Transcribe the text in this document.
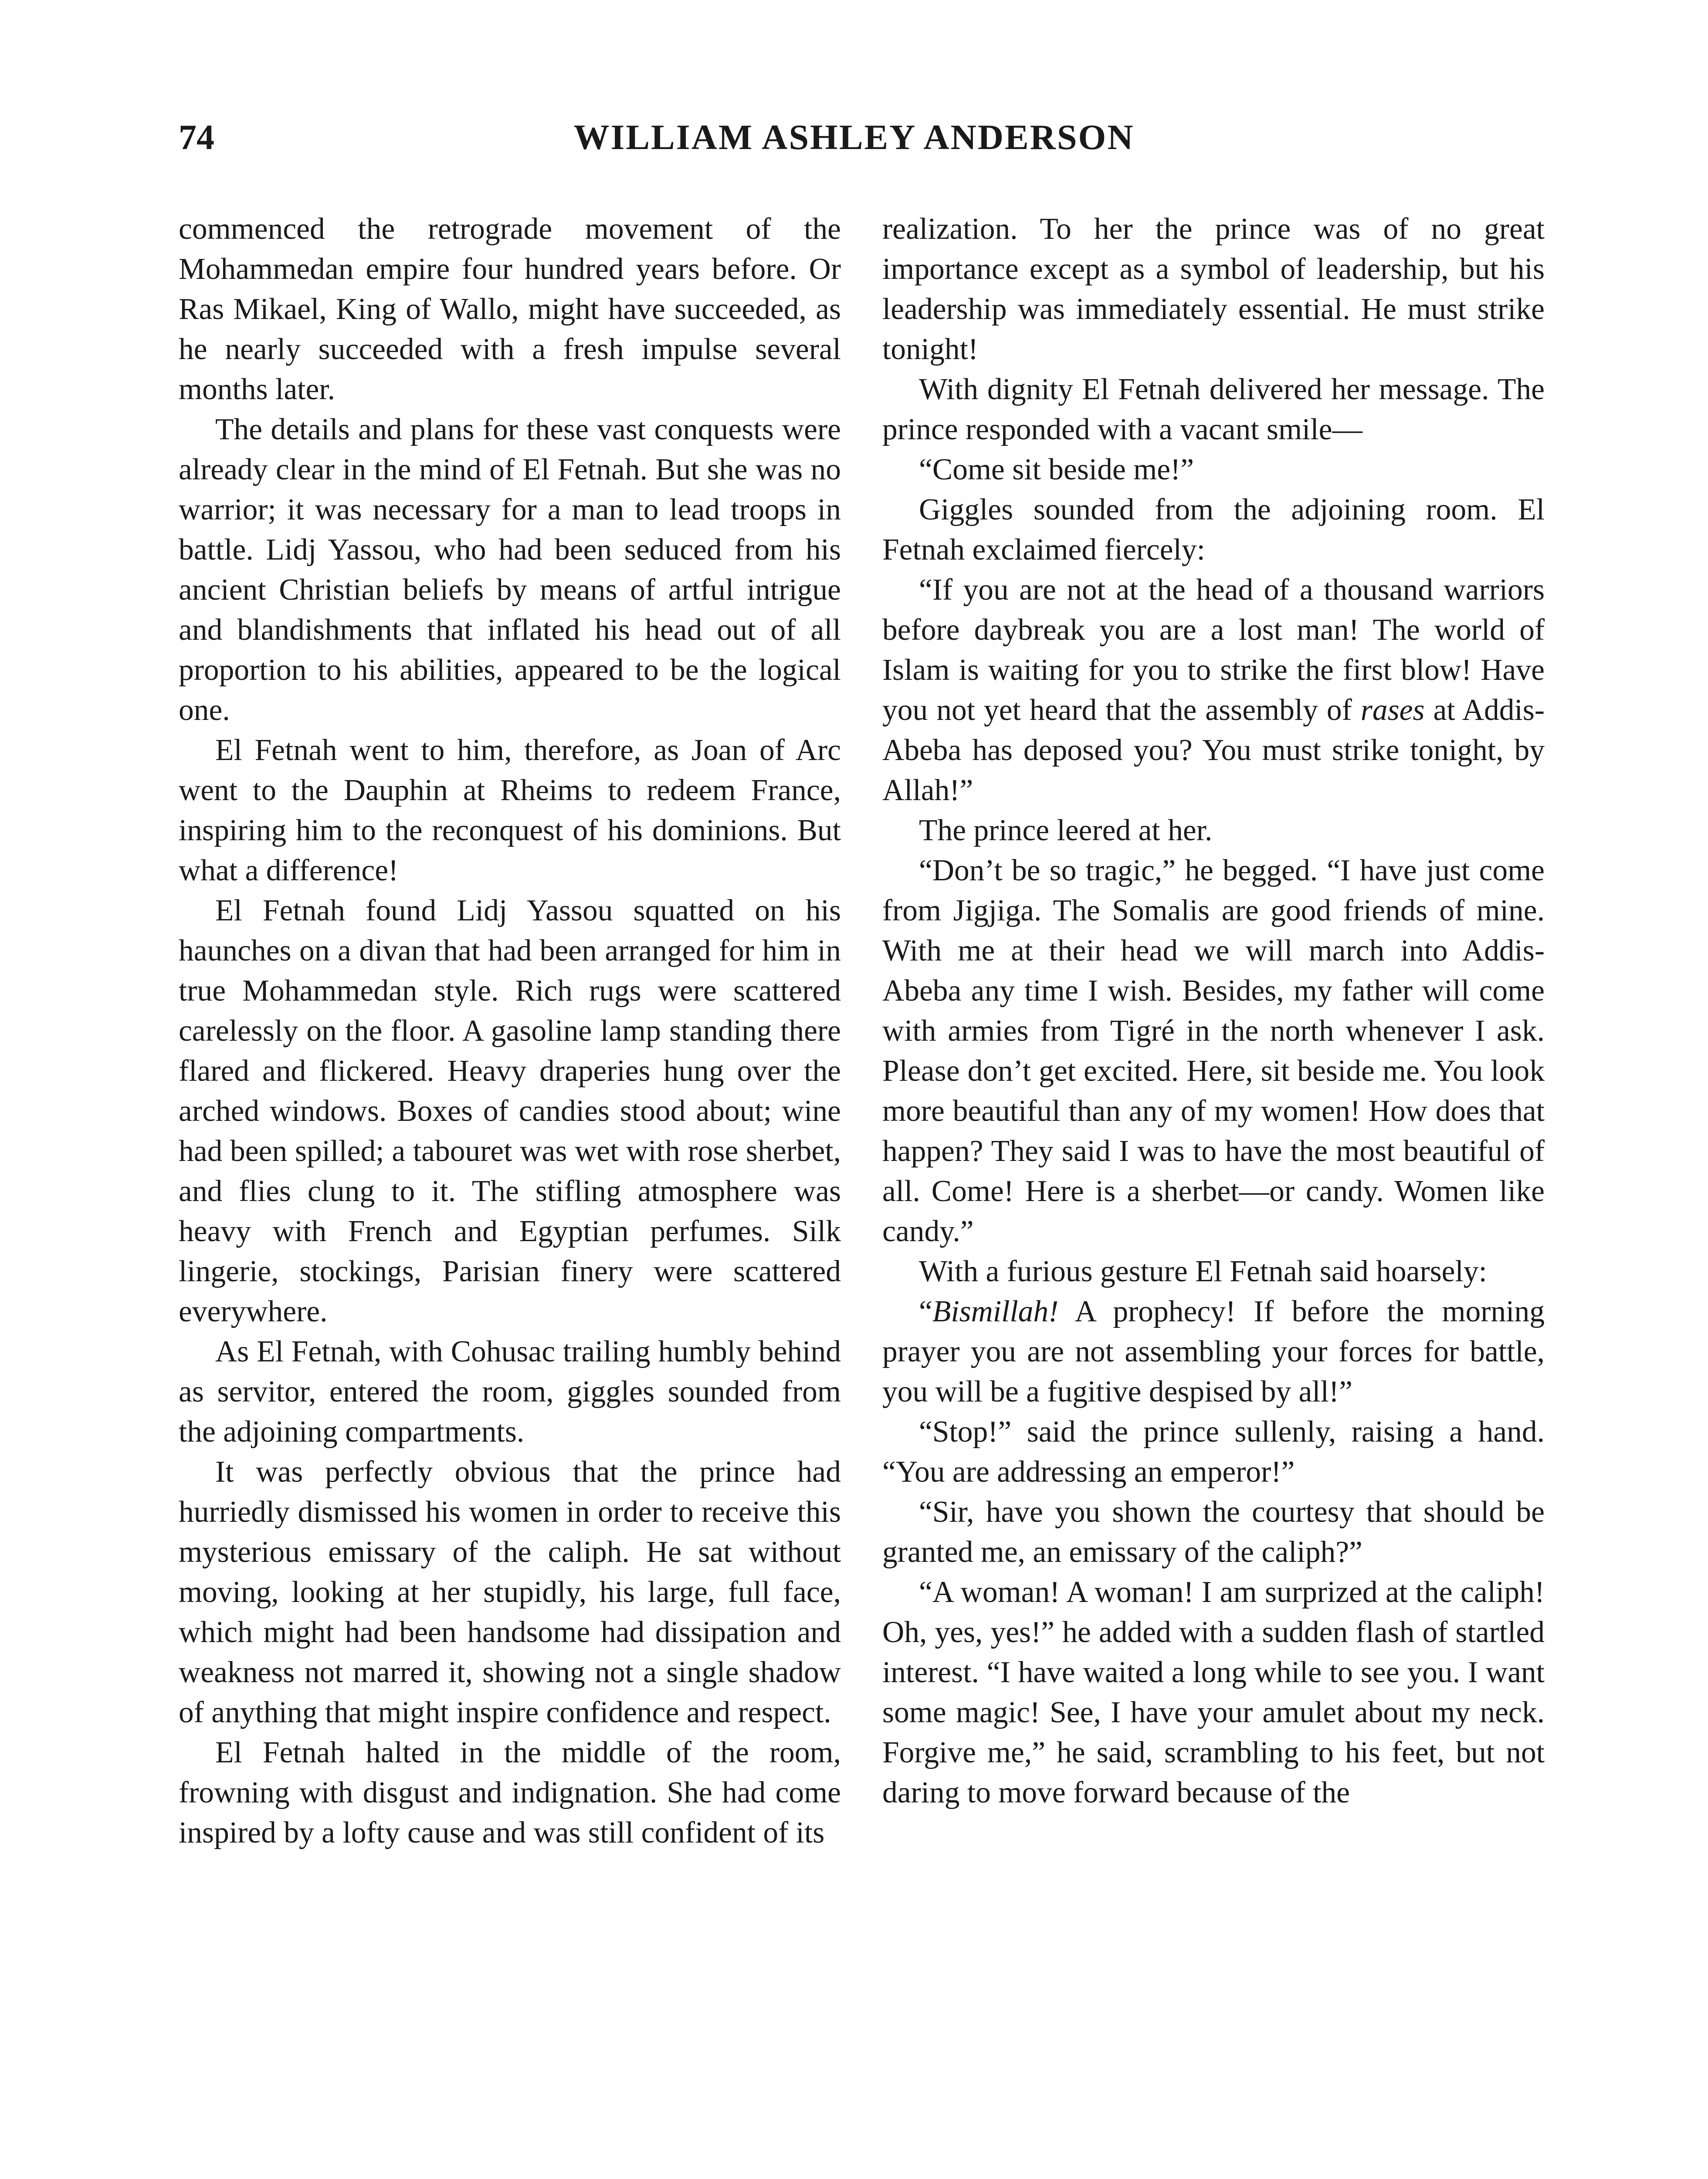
74	WILLIAM ASHLEY ANDERSON

commenced the retrograde movement of the Mohammedan empire four hundred years before. Or Ras Mikael, King of Wallo, might have succeeded, as he nearly succeeded with a fresh impulse several months later.

The details and plans for these vast conquests were already clear in the mind of El Fetnah. But she was no warrior; it was necessary for a man to lead troops in battle. Lidj Yassou, who had been seduced from his ancient Christian beliefs by means of artful intrigue and blandishments that inflated his head out of all proportion to his abilities, appeared to be the logical one.

El Fetnah went to him, therefore, as Joan of Arc went to the Dauphin at Rheims to redeem France, inspiring him to the reconquest of his dominions. But what a difference!

El Fetnah found Lidj Yassou squatted on his haunches on a divan that had been arranged for him in true Mohammedan style. Rich rugs were scattered carelessly on the floor. A gasoline lamp standing there flared and flickered. Heavy draperies hung over the arched windows. Boxes of candies stood about; wine had been spilled; a tabouret was wet with rose sherbet, and flies clung to it. The stifling atmosphere was heavy with French and Egyptian perfumes. Silk lingerie, stockings, Parisian finery were scattered everywhere.

As El Fetnah, with Cohusac trailing humbly behind as servitor, entered the room, giggles sounded from the adjoining compartments.

It was perfectly obvious that the prince had hurriedly dismissed his women in order to receive this mysterious emissary of the caliph. He sat without moving, looking at her stupidly, his large, full face, which might had been handsome had dissipation and weakness not marred it, showing not a single shadow of anything that might inspire confidence and respect.

El Fetnah halted in the middle of the room, frowning with disgust and indignation. She had come inspired by a lofty cause and was still confident of its

realization. To her the prince was of no great importance except as a symbol of leadership, but his leadership was immediately essential. He must strike tonight!

With dignity El Fetnah delivered her message. The prince responded with a vacant smile—

“Come sit beside me!”

Giggles sounded from the adjoining room. El Fetnah exclaimed fiercely:

“If you are not at the head of a thousand warriors before daybreak you are a lost man! The world of Islam is waiting for you to strike the first blow! Have you not yet heard that the assembly of rases at Addis-Abeba has deposed you? You must strike tonight, by Allah!”

The prince leered at her.

“Don’t be so tragic,” he begged. “I have just come from Jigjiga. The Somalis are good friends of mine. With me at their head we will march into Addis-Abeba any time I wish. Besides, my father will come with armies from Tigré in the north whenever I ask. Please don’t get excited. Here, sit beside me. You look more beautiful than any of my women! How does that happen? They said I was to have the most beautiful of all. Come! Here is a sherbet—or candy. Women like candy.”

With a furious gesture El Fetnah said hoarsely:

“Bismillah! A prophecy! If before the morning prayer you are not assembling your forces for battle, you will be a fugitive despised by all!”

“Stop!” said the prince sullenly, raising a hand. “You are addressing an emperor!”

“Sir, have you shown the courtesy that should be granted me, an emissary of the caliph?”

“A woman! A woman! I am surprized at the caliph! Oh, yes, yes!” he added with a sudden flash of startled interest. “I have waited a long while to see you. I want some magic! See, I have your amulet about my neck. Forgive me,” he said, scrambling to his feet, but not daring to move forward because of the
